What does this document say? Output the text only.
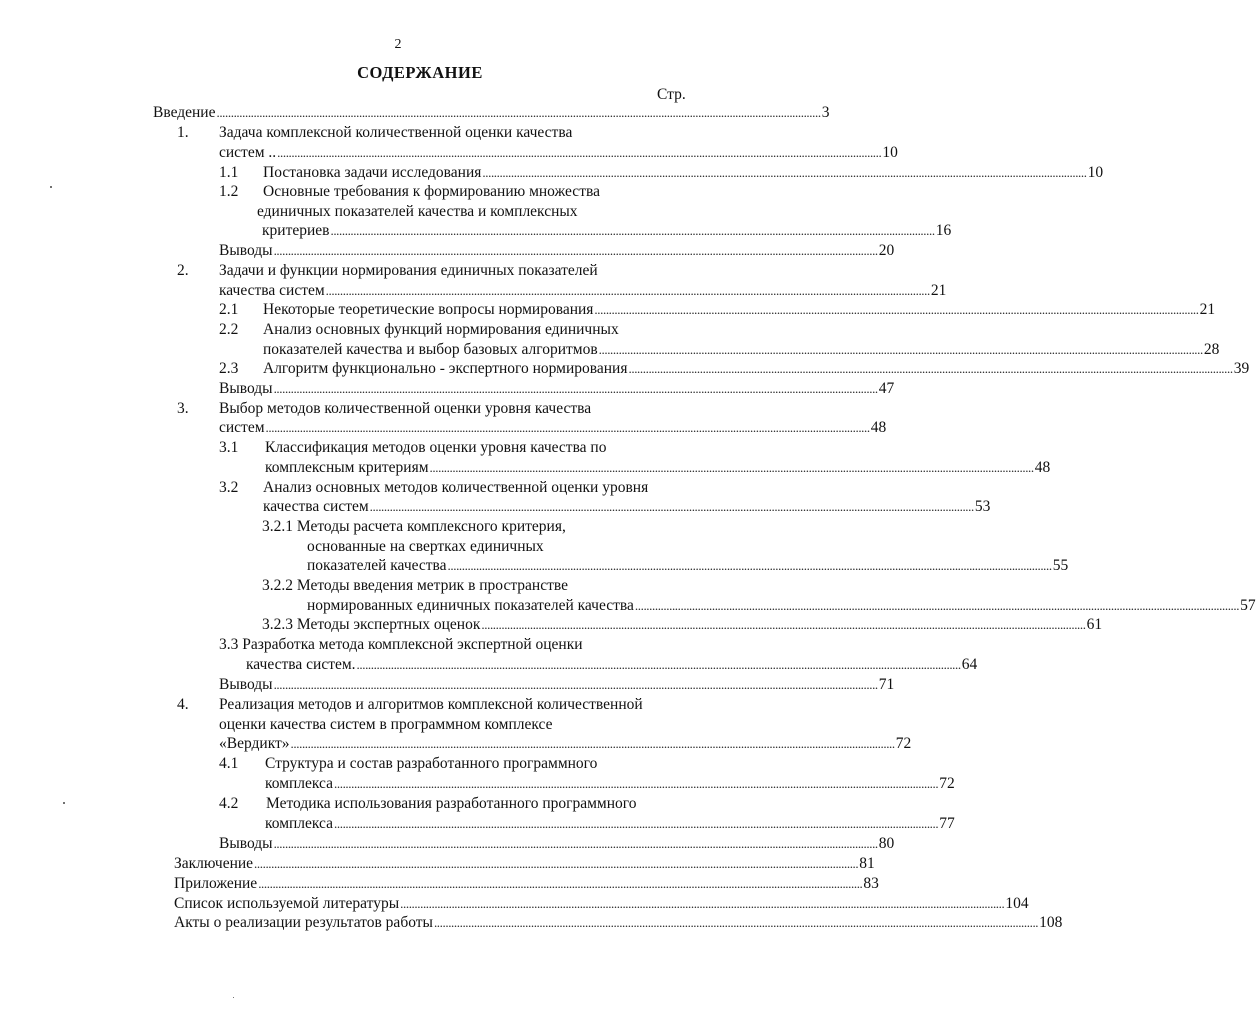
2
СОДЕРЖАНИЕ
Стр.
Введение .................................................................................................................................................................................................................... 3
1. Задача комплексной количественной оценки качества
систем .. .................................................................................................................................................................................................................... 10
1.1 Постановка задачи исследования .................................................................................................................................................................................................................... 10
1.2 Основные требования к формированию множества
единичных показателей качества и комплексных
критериев .................................................................................................................................................................................................................... 16
Выводы .................................................................................................................................................................................................................... 20
2. Задачи и функции нормирования единичных показателей
качества систем .................................................................................................................................................................................................................... 21
2.1 Некоторые теоретические вопросы нормирования .................................................................................................................................................................................................................... 21
2.2 Анализ основных функций нормирования единичных
показателей качества и выбор базовых алгоритмов .................................................................................................................................................................................................................... 28
2.3 Алгоритм функционально - экспертного нормирования .................................................................................................................................................................................................................... 39
Выводы .................................................................................................................................................................................................................... 47
3. Выбор методов количественной оценки уровня качества
систем .................................................................................................................................................................................................................... 48
3.1 Классификация методов оценки уровня качества по
комплексным критериям .................................................................................................................................................................................................................... 48
3.2 Анализ основных методов количественной оценки уровня
качества систем .................................................................................................................................................................................................................... 53
3.2.1 Методы расчета комплексного критерия,
основанные на свертках единичных
показателей качества .................................................................................................................................................................................................................... 55
3.2.2 Методы введения метрик в пространстве
нормированных единичных показателей качества .................................................................................................................................................................................................................... 57
3.2.3 Методы экспертных оценок .................................................................................................................................................................................................................... 61
3.3 Разработка метода комплексной экспертной оценки
качества систем. .................................................................................................................................................................................................................... 64
Выводы .................................................................................................................................................................................................................... 71
4. Реализация методов и алгоритмов комплексной количественной
оценки качества систем в программном комплексе
«Вердикт» .................................................................................................................................................................................................................... 72
4.1 Структура и состав разработанного программного
комплекса .................................................................................................................................................................................................................... 72
4.2 Методика использования разработанного программного
комплекса .................................................................................................................................................................................................................... 77
Выводы .................................................................................................................................................................................................................... 80
Заключение .................................................................................................................................................................................................................... 81
Приложение .................................................................................................................................................................................................................... 83
Список используемой литературы .................................................................................................................................................................................................................... 104
Акты о реализации результатов работы .................................................................................................................................................................................................................... 108
